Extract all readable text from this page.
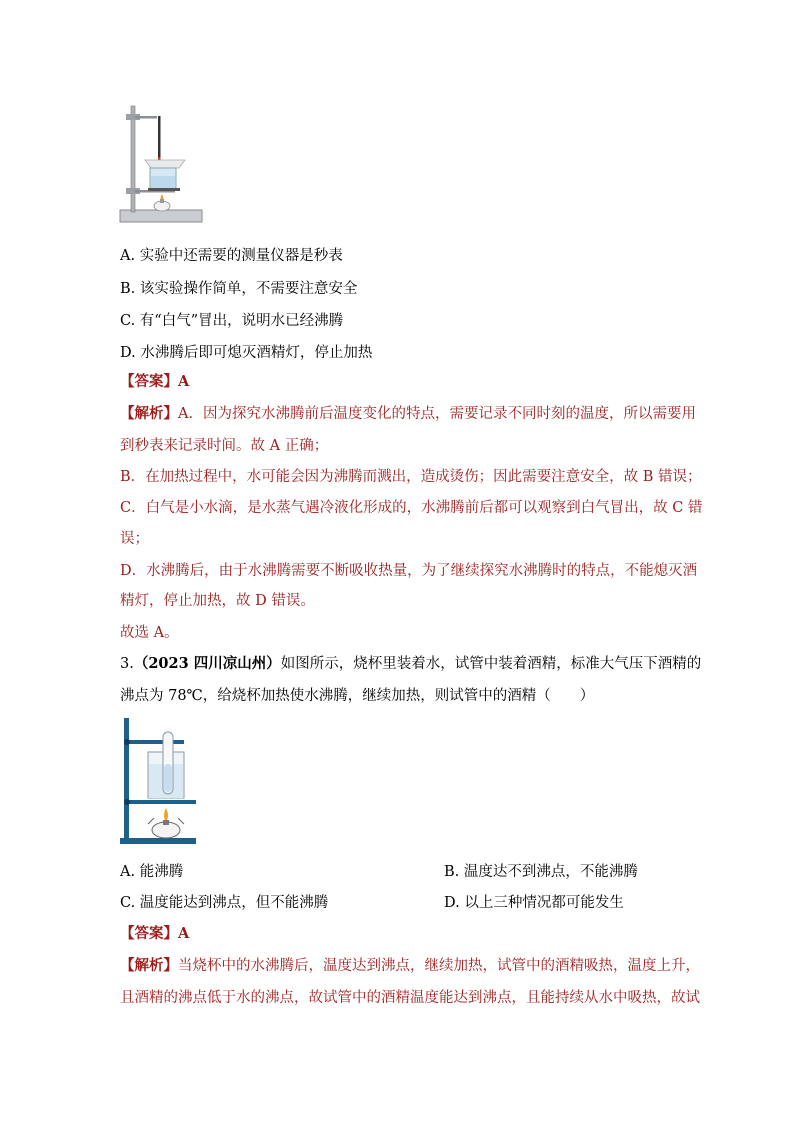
A. 实验中还需要的测量仪器是秒表
B. 该实验操作简单，不需要注意安全
C. 有“白气”冒出，说明水已经沸腾
D. 水沸腾后即可熄灭酒精灯，停止加热
【答案】A
【解析】A．因为探究水沸腾前后温度变化的特点，需要记录不同时刻的温度，所以需要用
到秒表来记录时间。故 A 正确；
B．在加热过程中，水可能会因为沸腾而溅出，造成烫伤；因此需要注意安全，故 B 错误；
C．白气是小水滴，是水蒸气遇冷液化形成的，水沸腾前后都可以观察到白气冒出，故 C 错
误；
D．水沸腾后，由于水沸腾需要不断吸收热量，为了继续探究水沸腾时的特点，不能熄灭酒
精灯，停止加热，故 D 错误。
故选 A。
3.（2023 四川凉山州）如图所示，烧杯里装着水，试管中装着酒精，标准大气压下酒精的
沸点为 78℃，给烧杯加热使水沸腾，继续加热，则试管中的酒精（　　）
A. 能沸腾	B. 温度达不到沸点，不能沸腾
C. 温度能达到沸点，但不能沸腾	D. 以上三种情况都可能发生
【答案】A
【解析】当烧杯中的水沸腾后，温度达到沸点，继续加热，试管中的酒精吸热，温度上升，
且酒精的沸点低于水的沸点，故试管中的酒精温度能达到沸点，且能持续从水中吸热，故试
